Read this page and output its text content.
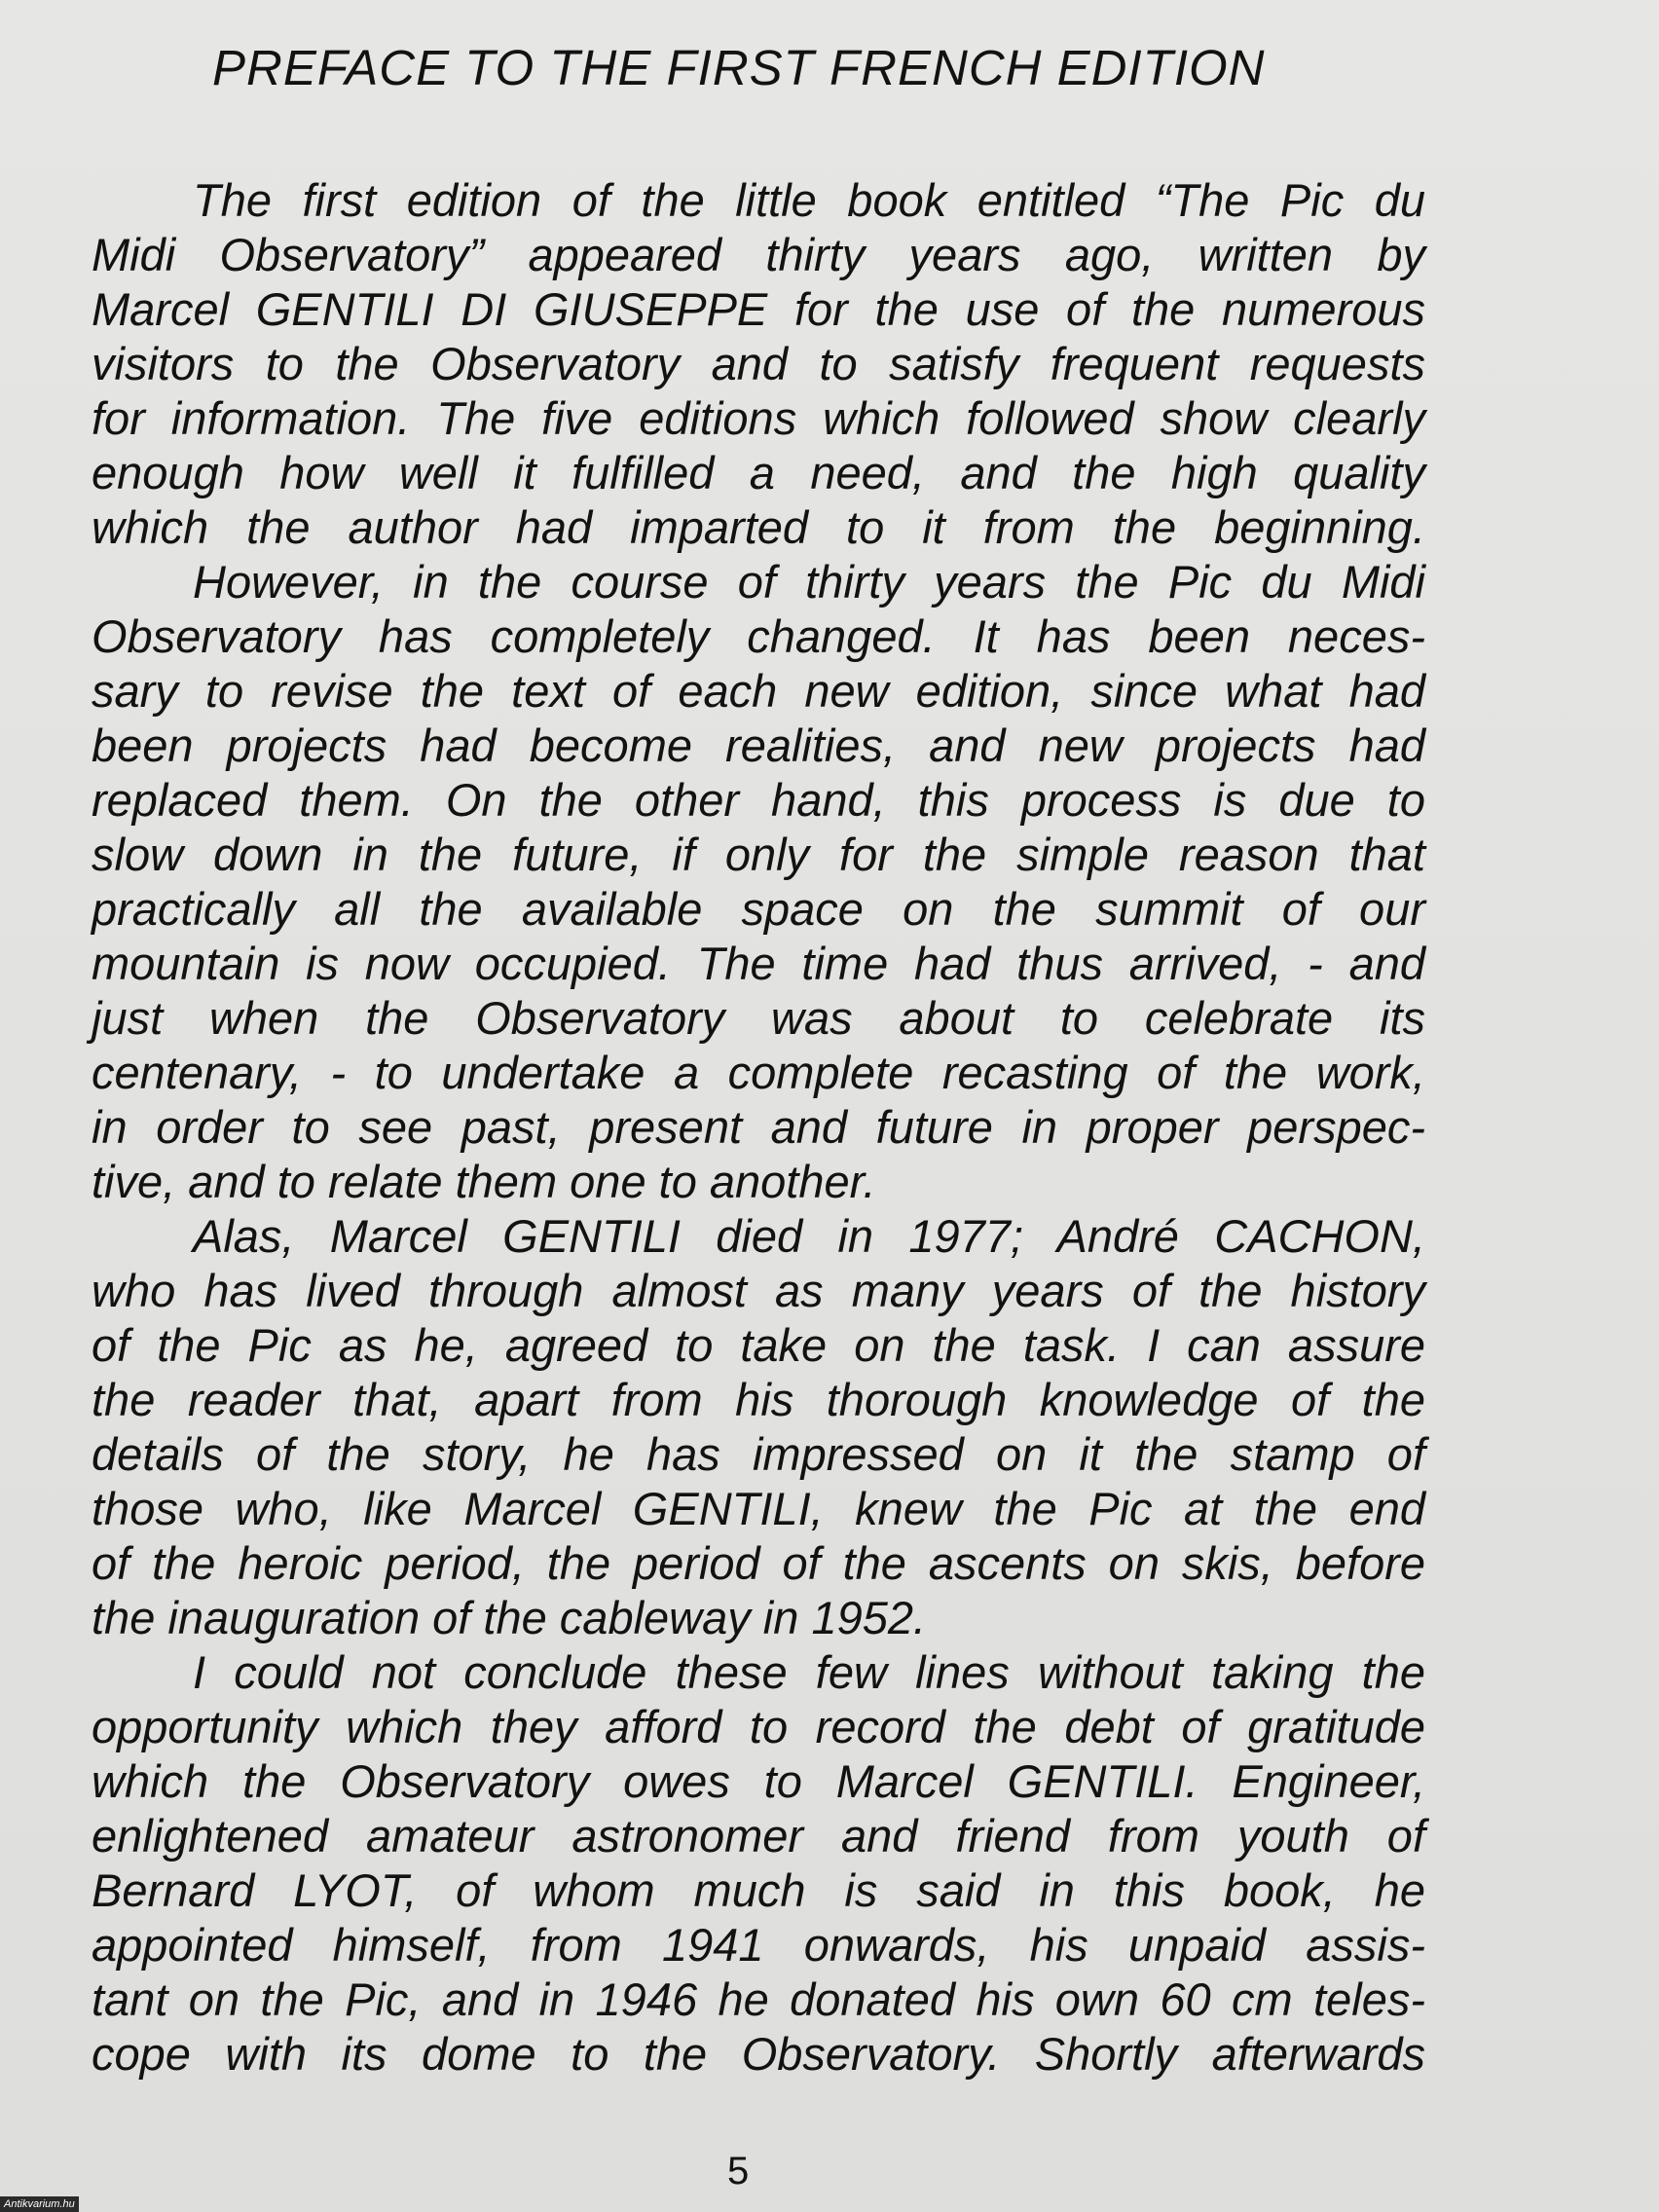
PREFACE TO THE FIRST FRENCH EDITION
The first edition of the little book entitled “The Pic du
Midi Observatory” appeared thirty years ago, written by
Marcel GENTILI DI GIUSEPPE for the use of the numerous
visitors to the Observatory and to satisfy frequent requests
for information. The five editions which followed show clearly
enough how well it fulfilled a need, and the high quality
which the author had imparted to it from the beginning.
However, in the course of thirty years the Pic du Midi
Observatory has completely changed. It has been neces-
sary to revise the text of each new edition, since what had
been projects had become realities, and new projects had
replaced them. On the other hand, this process is due to
slow down in the future, if only for the simple reason that
practically all the available space on the summit of our
mountain is now occupied. The time had thus arrived, - and
just when the Observatory was about to celebrate its
centenary, - to undertake a complete recasting of the work,
in order to see past, present and future in proper perspec-
tive, and to relate them one to another.
Alas, Marcel GENTILI died in 1977; André CACHON,
who has lived through almost as many years of the history
of the Pic as he, agreed to take on the task. I can assure
the reader that, apart from his thorough knowledge of the
details of the story, he has impressed on it the stamp of
those who, like Marcel GENTILI, knew the Pic at the end
of the heroic period, the period of the ascents on skis, before
the inauguration of the cableway in 1952.
I could not conclude these few lines without taking the
opportunity which they afford to record the debt of gratitude
which the Observatory owes to Marcel GENTILI. Engineer,
enlightened amateur astronomer and friend from youth of
Bernard LYOT, of whom much is said in this book, he
appointed himself, from 1941 onwards, his unpaid assis-
tant on the Pic, and in 1946 he donated his own 60 cm teles-
cope with its dome to the Observatory. Shortly afterwards
5
Antikvarium.hu
